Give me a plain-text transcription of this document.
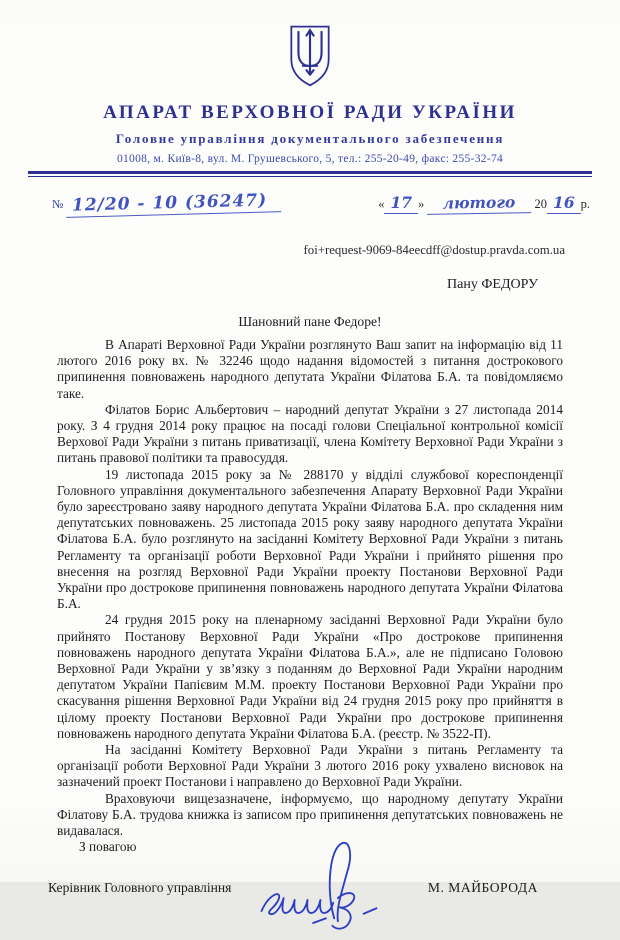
АПАРАТ ВЕРХОВНОЇ РАДИ УКРАЇНИ
Головне управління документального забезпечення
01008, м. Київ-8, вул. М. Грушевського, 5, тел.: 255-20-49, факс: 255-32-74
№ 12/20 - 10 (36247)	« 17 » лютого 20 16 р.
foi+request-9069-84eecdff@dostup.pravda.com.ua
Пану ФЕДОРУ
Шановний пане Федоре!

В Апараті Верховної Ради України розглянуто Ваш запит на інформацію від 11 лютого 2016 року вх. № 32246 щодо надання відомостей з питання дострокового припинення повноважень народного депутата України Філатова Б.А. та повідомляємо таке.

Філатов Борис Альбертович – народний депутат України з 27 листопада 2014 року. З 4 грудня 2014 року працює на посаді голови Спеціальної контрольної комісії Верхової Ради України з питань приватизації, члена Комітету Верховної Ради України з питань правової політики та правосуддя.

19 листопада 2015 року за № 288170 у відділі службової кореспонденції Головного управління документального забезпечення Апарату Верховної Ради України було зареєстровано заяву народного депутата України Філатова Б.А. про складення ним депутатських повноважень. 25 листопада 2015 року заяву народного депутата України Філатова Б.А. було розглянуто на засіданні Комітету Верховної Ради України з питань Регламенту та організації роботи Верховної Ради України і прийнято рішення про внесення на розгляд Верховної Ради України проекту Постанови Верховної Ради України про дострокове припинення повноважень народного депутата України Філатова Б.А.

24 грудня 2015 року на пленарному засіданні Верховної Ради України було прийнято Постанову Верховної Ради України «Про дострокове припинення повноважень народного депутата України Філатова Б.А.», але не підписано Головою Верховної Ради України у зв’язку з поданням до Верховної Ради України народним депутатом України Папієвим М.М. проекту Постанови Верховної Ради України про скасування рішення Верховної Ради України від 24 грудня 2015 року про прийняття в цілому проекту Постанови Верховної Ради України про дострокове припинення повноважень народного депутата України Філатова Б.А. (реєстр. № 3522-П).

На засіданні Комітету Верховної Ради України з питань Регламенту та організації роботи Верховної Ради України 3 лютого 2016 року ухвалено висновок на зазначений проект Постанови і направлено до Верховної Ради України.

Враховуючи вищезазначене, інформуємо, що народному депутату України Філатову Б.А. трудова книжка із записом про припинення депутатських повноважень не видавалася.

З повагою
Керівник Головного управління	М. МАЙБОРОДА
